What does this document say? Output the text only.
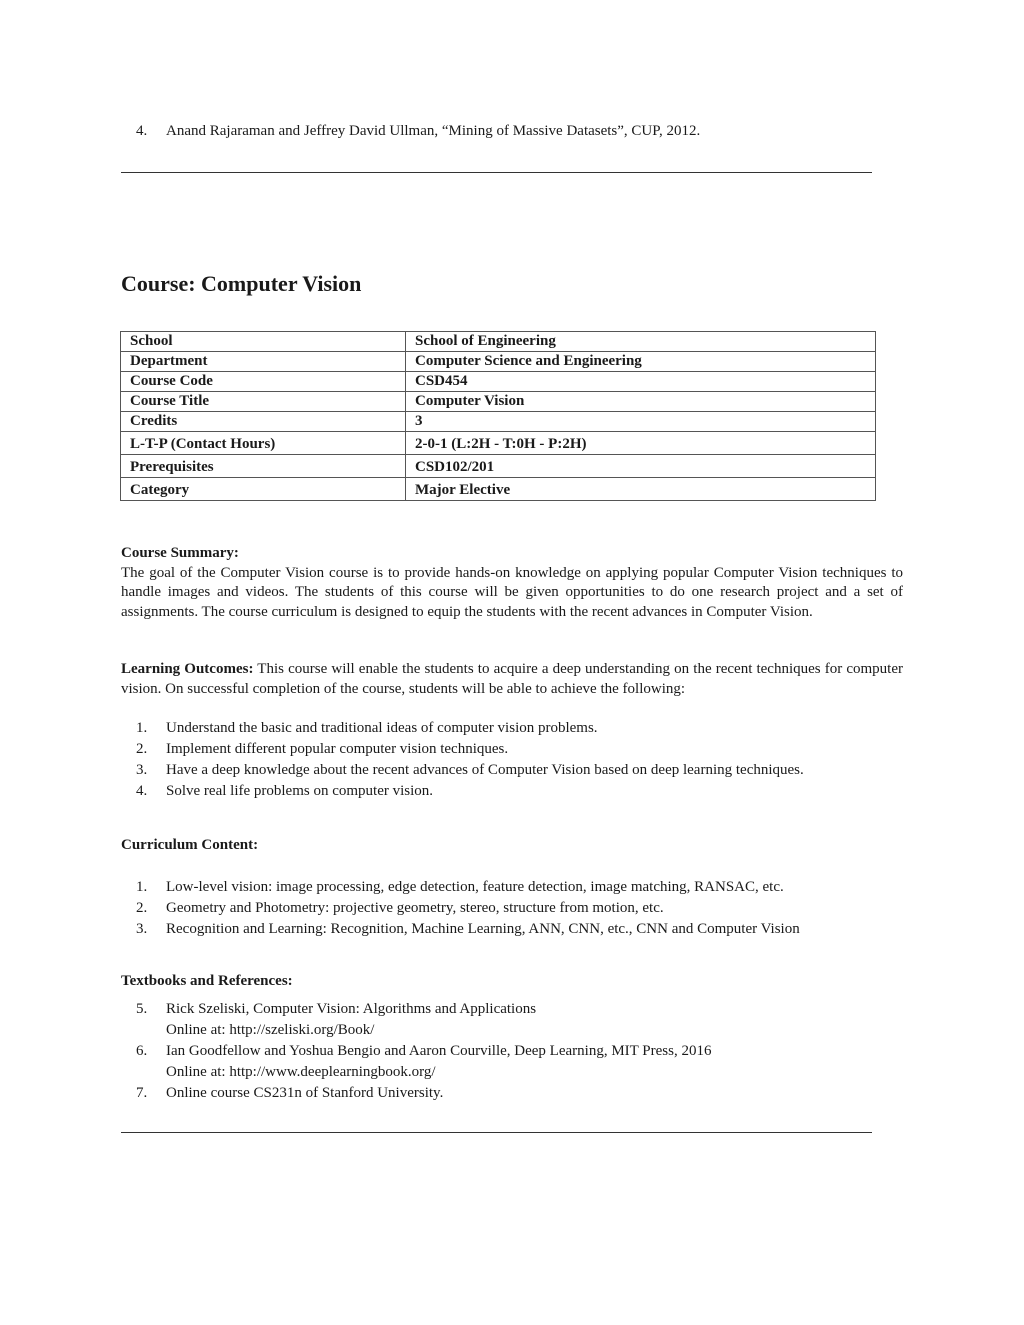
4. Anand Rajaraman and Jeffrey David Ullman, “Mining of Massive Datasets”, CUP, 2012.
Course: Computer Vision
School	School of Engineering
Department	Computer Science and Engineering
Course Code	CSD454
Course Title	Computer Vision
Credits	3
L-T-P (Contact Hours)	2-0-1 (L:2H - T:0H - P:2H)
Prerequisites	CSD102/201
Category	Major Elective
Course Summary:
The goal of the Computer Vision course is to provide hands-on knowledge on applying popular Computer Vision techniques to handle images and videos. The students of this course will be given opportunities to do one research project and a set of assignments. The course curriculum is designed to equip the students with the recent advances in Computer Vision.
Learning Outcomes: This course will enable the students to acquire a deep understanding on the recent techniques for computer vision. On successful completion of the course, students will be able to achieve the following:
1. Understand the basic and traditional ideas of computer vision problems.
2. Implement different popular computer vision techniques.
3. Have a deep knowledge about the recent advances of Computer Vision based on deep learning techniques.
4. Solve real life problems on computer vision.
Curriculum Content:
1. Low-level vision: image processing, edge detection, feature detection, image matching, RANSAC, etc.
2. Geometry and Photometry: projective geometry, stereo, structure from motion, etc.
3. Recognition and Learning: Recognition, Machine Learning, ANN, CNN, etc., CNN and Computer Vision
Textbooks and References:
5. Rick Szeliski, Computer Vision: Algorithms and Applications
Online at: http://szeliski.org/Book/
6. Ian Goodfellow and Yoshua Bengio and Aaron Courville, Deep Learning, MIT Press, 2016
Online at: http://www.deeplearningbook.org/
7. Online course CS231n of Stanford University.
